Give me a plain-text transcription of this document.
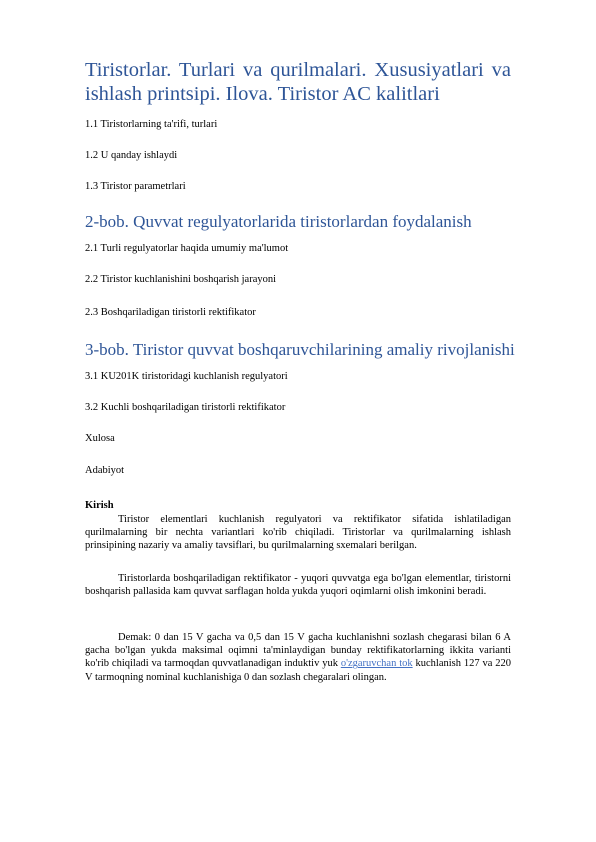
Tiristorlar. Turlari va qurilmalari. Xususiyatlari va ishlash printsipi. Ilova. Tiristor AC kalitlari

1.1 Tiristorlarning ta'rifi, turlari

1.2 U qanday ishlaydi

1.3 Tiristor parametrlari

2-bob. Quvvat regulyatorlarida tiristorlardan foydalanish

2.1 Turli regulyatorlar haqida umumiy ma'lumot

2.2 Tiristor kuchlanishini boshqarish jarayoni

2.3 Boshqariladigan tiristorli rektifikator

3-bob. Tiristor quvvat boshqaruvchilarining amaliy rivojlanishi

3.1 KU201K tiristoridagi kuchlanish regulyatori

3.2 Kuchli boshqariladigan tiristorli rektifikator

Xulosa

Adabiyot

Kirish

Tiristor elementlari kuchlanish regulyatori va rektifikator sifatida ishlatiladigan qurilmalarning bir nechta variantlari ko'rib chiqiladi. Tiristorlar va qurilmalarning ishlash prinsipining nazariy va amaliy tavsiflari, bu qurilmalarning sxemalari berilgan.

Tiristorlarda boshqariladigan rektifikator - yuqori quvvatga ega bo'lgan elementlar, tiristorni boshqarish pallasida kam quvvat sarflagan holda yukda yuqori oqimlarni olish imkonini beradi.

Demak: 0 dan 15 V gacha va 0,5 dan 15 V gacha kuchlanishni sozlash chegarasi bilan 6 A gacha bo'lgan yukda maksimal oqimni ta'minlaydigan bunday rektifikatorlarning ikkita varianti ko'rib chiqiladi va tarmoqdan quvvatlanadigan induktiv yuk o'zgaruvchan tok kuchlanish 127 va 220 V tarmoqning nominal kuchlanishiga 0 dan sozlash chegaralari olingan.
